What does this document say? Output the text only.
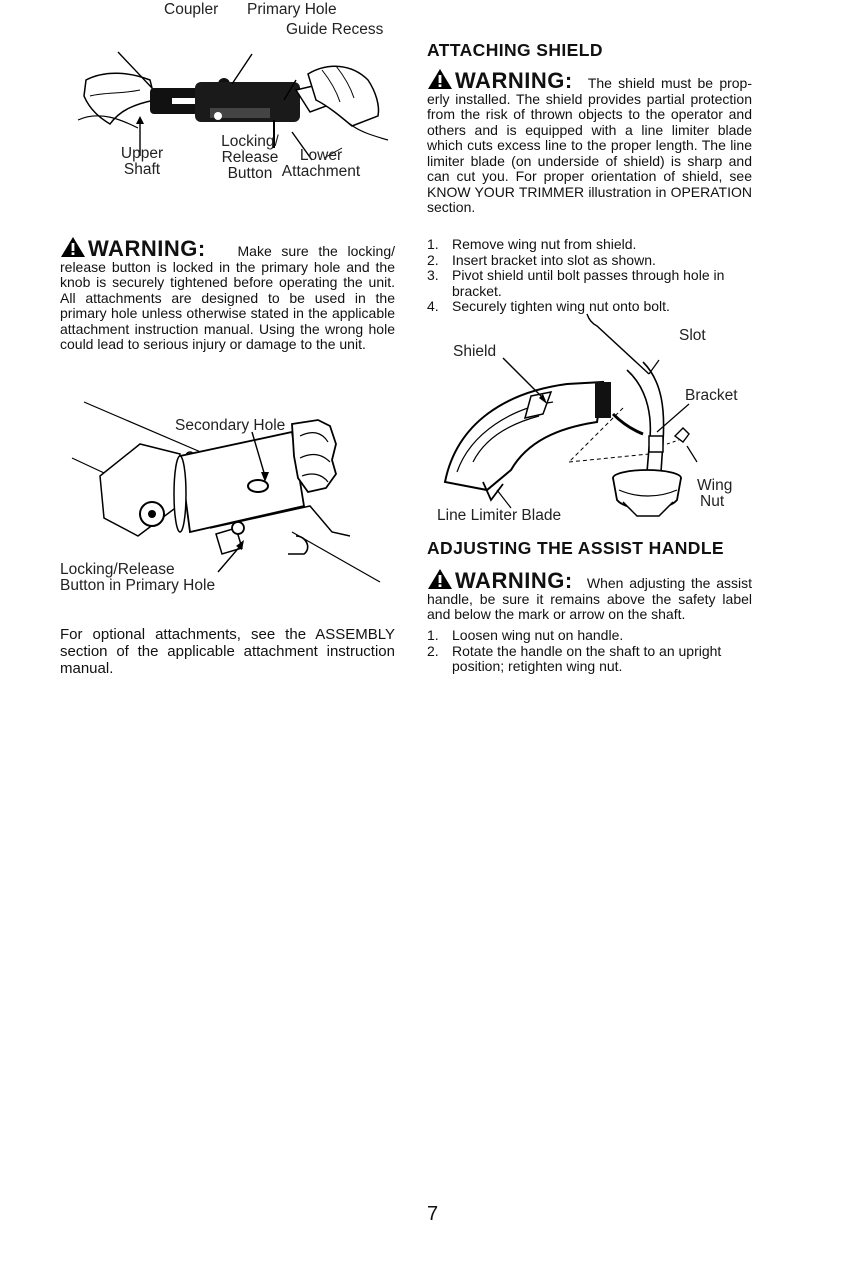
Coupler Primary Hole
Guide Recess
Upper
Shaft
Locking/
Release
Button
Lower
Attachment
WARNING: Make sure the locking/ release button is locked in the primary hole and the knob is securely tightened before operating the unit. All attachments are designed to be used in the primary hole unless otherwise stated in the applicable attachment instruction manual. Using the wrong hole could lead to serious injury or damage to the unit.
Secondary Hole
Locking/Release
Button in Primary Hole
For optional attachments, see the ASSEMBLY section of the applicable attachment instruction manual.
ATTACHING SHIELD
WARNING: The shield must be prop- erly installed. The shield provides partial protection from the risk of thrown objects to the operator and others and is equipped with a line limiter blade which cuts excess line to the proper length. The line limiter blade (on underside of shield) is sharp and can cut you. For proper orientation of shield, see KNOW YOUR TRIMMER illustration in OPERATION section.
1. Remove wing nut from shield.
2. Insert bracket into slot as shown.
3. Pivot shield until bolt passes through hole in bracket.
4. Securely tighten wing nut onto bolt.
Slot
Shield
Bracket
Wing
Nut
Line Limiter Blade
ADJUSTING THE ASSIST HANDLE
WARNING: When adjusting the assist handle, be sure it remains above the safety label and below the mark or arrow on the shaft.
1. Loosen wing nut on handle.
2. Rotate the handle on the shaft to an upright position; retighten wing nut.
7
